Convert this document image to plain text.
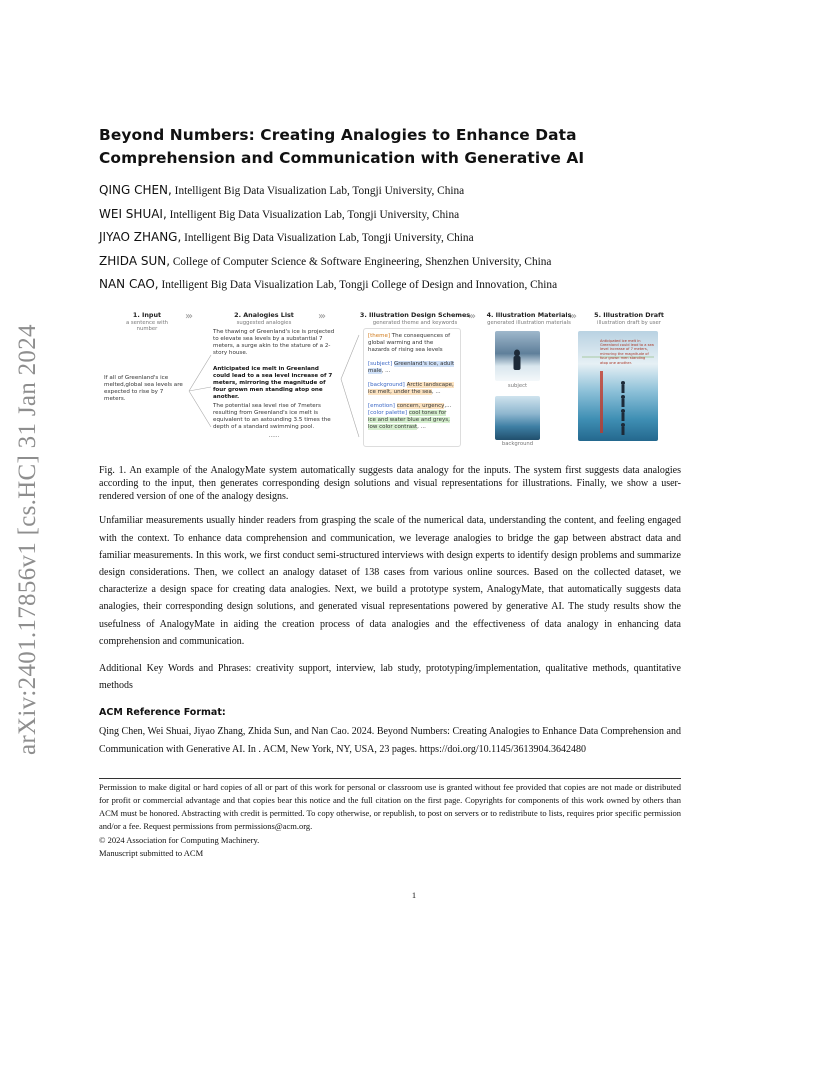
arXiv:2401.17856v1 [cs.HC] 31 Jan 2024
Beyond Numbers: Creating Analogies to Enhance Data Comprehension and Communication with Generative AI
QING CHEN, Intelligent Big Data Visualization Lab, Tongji University, China
WEI SHUAI, Intelligent Big Data Visualization Lab, Tongji University, China
JIYAO ZHANG, Intelligent Big Data Visualization Lab, Tongji University, China
ZHIDA SUN, College of Computer Science & Software Engineering, Shenzhen University, China
NAN CAO, Intelligent Big Data Visualization Lab, Tongji College of Design and Innovation, China
1. Input
a sentence with number
›››	2. Analogies List
suggested analogies
›››	3. Illustration Design Schemes
generated theme and keywords
›››	4. Illustration Materials
generated illustration materials
›››	5. Illustration Draft
illustration draft by user
If all of Greenland's ice melted,global sea levels are expected to rise by 7 meters.
The thawing of Greenland's ice is projected to elevate sea levels by a substantial 7 meters, a surge akin to the stature of a 2-story house.
Anticipated ice melt in Greenland could lead to a sea level increase of 7 meters, mirroring the magnitude of four grown men standing atop one another.
The potential sea level rise of 7meters resulting from Greenland's ice melt is equivalent to an astounding 3.5 times the depth of a standard swimming pool.
......
[theme] The consequences of global warming and the hazards of rising sea levels
[subject] Greenland's ice, adult male, ...
[background] Arctic landscape, ice melt, under the sea, ...
[emotion] concern, urgency,...
[color palette] cool tones for ice and water blue and greys, low color contrast, ...
subject
background
Anticipated ice melt in Greenland could lead to a sea level increase of 7 meters, mirroring the magnitude of four grown men standing atop one another.
Fig. 1. An example of the AnalogyMate system automatically suggests data analogy for the inputs. The system first suggests data analogies according to the input, then generates corresponding design solutions and visual representations for illustrations. Finally, we show a user-rendered version of one of the analogy designs.
Unfamiliar measurements usually hinder readers from grasping the scale of the numerical data, understanding the content, and feeling engaged with the context. To enhance data comprehension and communication, we leverage analogies to bridge the gap between abstract data and familiar measurements. In this work, we first conduct semi-structured interviews with design experts to identify design problems and summarize design considerations. Then, we collect an analogy dataset of 138 cases from various online sources. Based on the collected dataset, we characterize a design space for creating data analogies. Next, we build a prototype system, AnalogyMate, that automatically suggests data analogies, their corresponding design solutions, and generated visual representations powered by generative AI. The study results show the usefulness of AnalogyMate in aiding the creation process of data analogies and the effectiveness of data analogy in enhancing data comprehension and communication.
Additional Key Words and Phrases: creativity support, interview, lab study, prototyping/implementation, qualitative methods, quantitative methods
ACM Reference Format:
Qing Chen, Wei Shuai, Jiyao Zhang, Zhida Sun, and Nan Cao. 2024. Beyond Numbers: Creating Analogies to Enhance Data Comprehension and Communication with Generative AI. In . ACM, New York, NY, USA, 23 pages. https://doi.org/10.1145/3613904.3642480
Permission to make digital or hard copies of all or part of this work for personal or classroom use is granted without fee provided that copies are not made or distributed for profit or commercial advantage and that copies bear this notice and the full citation on the first page. Copyrights for components of this work owned by others than ACM must be honored. Abstracting with credit is permitted. To copy otherwise, or republish, to post on servers or to redistribute to lists, requires prior specific permission and/or a fee. Request permissions from permissions@acm.org.
© 2024 Association for Computing Machinery.
Manuscript submitted to ACM
1
